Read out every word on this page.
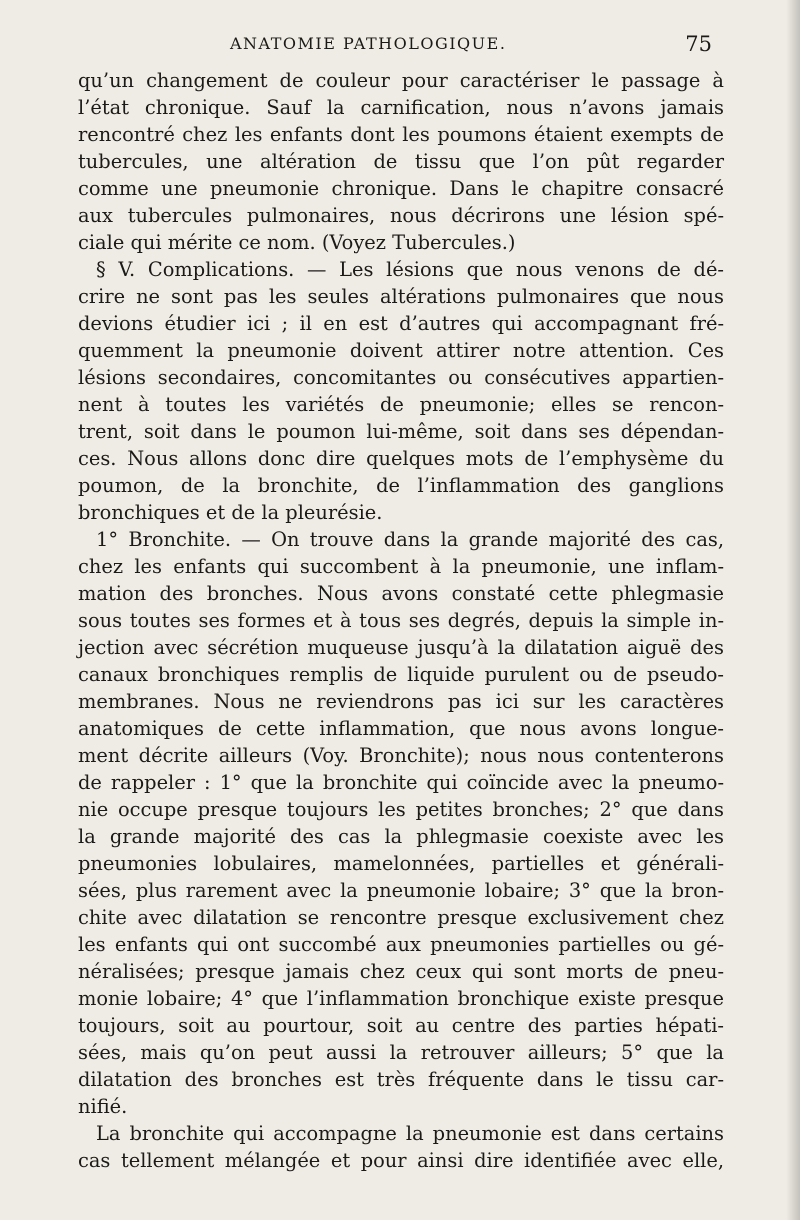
ANATOMIE PATHOLOGIQUE.	75
qu’un changement de couleur pour caractériser le passage à
l’état chronique. Sauf la carnification, nous n’avons jamais
rencontré chez les enfants dont les poumons étaient exempts de
tubercules, une altération de tissu que l’on pût regarder
comme une pneumonie chronique. Dans le chapitre consacré
aux tubercules pulmonaires, nous décrirons une lésion spé-
ciale qui mérite ce nom. (Voyez Tubercules.)
§ V. Complications. — Les lésions que nous venons de dé-
crire ne sont pas les seules altérations pulmonaires que nous
devions étudier ici ; il en est d’autres qui accompagnant fré-
quemment la pneumonie doivent attirer notre attention. Ces
lésions secondaires, concomitantes ou consécutives appartien-
nent à toutes les variétés de pneumonie; elles se rencon-
trent, soit dans le poumon lui-même, soit dans ses dépendan-
ces. Nous allons donc dire quelques mots de l’emphysème du
poumon, de la bronchite, de l’inflammation des ganglions
bronchiques et de la pleurésie.
1° Bronchite. — On trouve dans la grande majorité des cas,
chez les enfants qui succombent à la pneumonie, une inflam-
mation des bronches. Nous avons constaté cette phlegmasie
sous toutes ses formes et à tous ses degrés, depuis la simple in-
jection avec sécrétion muqueuse jusqu’à la dilatation aiguë des
canaux bronchiques remplis de liquide purulent ou de pseudo-
membranes. Nous ne reviendrons pas ici sur les caractères
anatomiques de cette inflammation, que nous avons longue-
ment décrite ailleurs (Voy. Bronchite); nous nous contenterons
de rappeler : 1° que la bronchite qui coïncide avec la pneumo-
nie occupe presque toujours les petites bronches; 2° que dans
la grande majorité des cas la phlegmasie coexiste avec les
pneumonies lobulaires, mamelonnées, partielles et générali-
sées, plus rarement avec la pneumonie lobaire; 3° que la bron-
chite avec dilatation se rencontre presque exclusivement chez
les enfants qui ont succombé aux pneumonies partielles ou gé-
néralisées; presque jamais chez ceux qui sont morts de pneu-
monie lobaire; 4° que l’inflammation bronchique existe presque
toujours, soit au pourtour, soit au centre des parties hépati-
sées, mais qu’on peut aussi la retrouver ailleurs; 5° que la
dilatation des bronches est très fréquente dans le tissu car-
nifié.
La bronchite qui accompagne la pneumonie est dans certains
cas tellement mélangée et pour ainsi dire identifiée avec elle,
